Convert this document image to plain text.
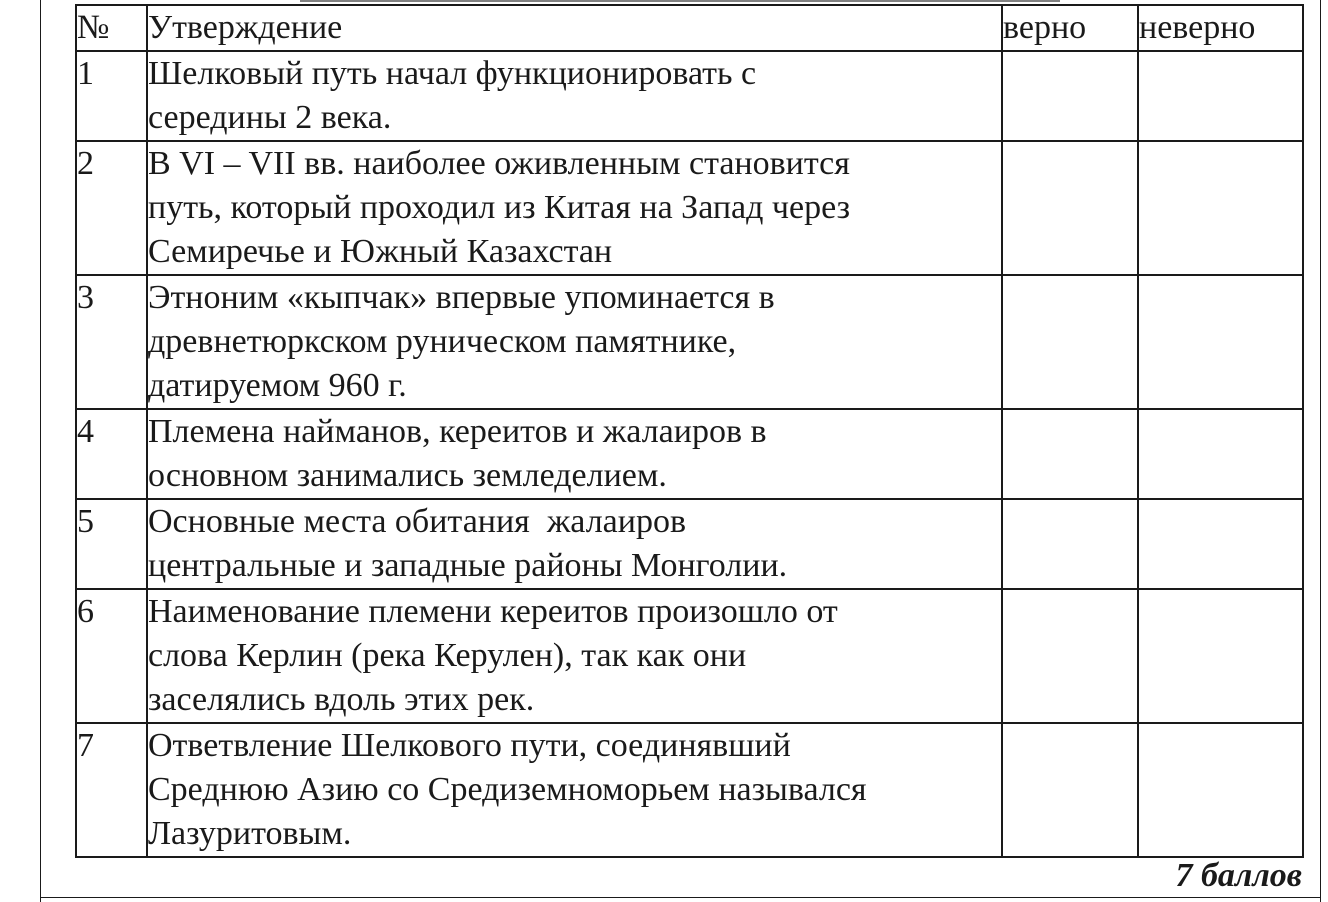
№	Утверждение	верно	неверно
1	Шелковый путь начал функционировать с
середины 2 века.		

2	В VI – VII вв. наиболее оживленным становится
путь, который проходил из Китая на Запад через
Семиречье и Южный Казахстан		

3	Этноним «кыпчак» впервые упоминается в
древнетюркском руническом памятнике,
датируемом 960 г.		

4	Племена найманов, кереитов и жалаиров в
основном занимались земледелием.		

5	Основные места обитания  жалаиров
центральные и западные районы Монголии.		

6	Наименование племени кереитов произошло от
слова Керлин (река Керулен), так как они
заселялись вдоль этих рек.		

7	Ответвление Шелкового пути, соединявший
Среднюю Азию со Средиземноморьем назывался
Лазуритовым.		

7 баллов
